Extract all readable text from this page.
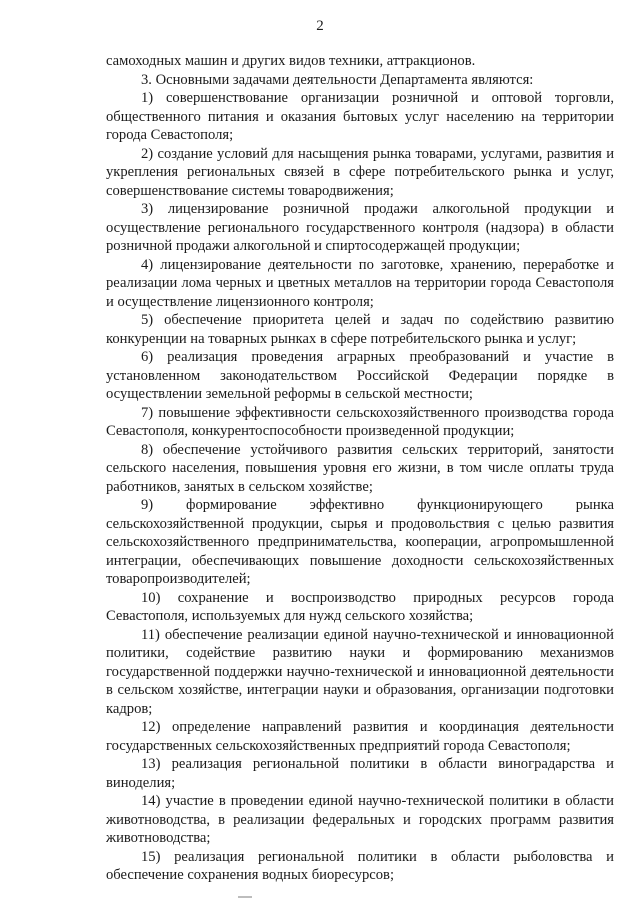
2

самоходных машин и других видов техники, аттракционов.

3. Основными задачами деятельности Департамента являются:

1) совершенствование организации розничной и оптовой торговли, общественного питания и оказания бытовых услуг населению на территории города Севастополя;

2) создание условий для насыщения рынка товарами, услугами, развития и укрепления региональных связей в сфере потребительского рынка и услуг, совершенствование системы товародвижения;

3) лицензирование розничной продажи алкогольной продукции и осуществление регионального государственного контроля (надзора) в области розничной продажи алкогольной и спиртосодержащей продукции;

4) лицензирование деятельности по заготовке, хранению, переработке и реализации лома черных и цветных металлов на территории города Севастополя и осуществление лицензионного контроля;

5) обеспечение приоритета целей и задач по содействию развитию конкуренции на товарных рынках в сфере потребительского рынка и услуг;

6) реализация проведения аграрных преобразований и участие в установленном законодательством Российской Федерации порядке в осуществлении земельной реформы в сельской местности;

7) повышение эффективности сельскохозяйственного производства города Севастополя, конкурентоспособности произведенной продукции;

8) обеспечение устойчивого развития сельских территорий, занятости сельского населения, повышения уровня его жизни, в том числе оплаты труда работников, занятых в сельском хозяйстве;

9) формирование эффективно функционирующего рынка сельскохозяйственной продукции, сырья и продовольствия с целью развития сельскохозяйственного предпринимательства, кооперации, агропромышленной интеграции, обеспечивающих повышение доходности сельскохозяйственных товаропроизводителей;

10) сохранение и воспроизводство природных ресурсов города Севастополя, используемых для нужд сельского хозяйства;

11) обеспечение реализации единой научно-технической и инновационной политики, содействие развитию науки и формированию механизмов государственной поддержки научно-технической и инновационной деятельности в сельском хозяйстве, интеграции науки и образования, организации подготовки кадров;

12) определение направлений развития и координация деятельности государственных сельскохозяйственных предприятий города Севастополя;

13) реализация региональной политики в области виноградарства и виноделия;

14) участие в проведении единой научно-технической политики в области животноводства, в реализации федеральных и городских программ развития животноводства;

15) реализация региональной политики в области рыболовства и обеспечение сохранения водных биоресурсов;
